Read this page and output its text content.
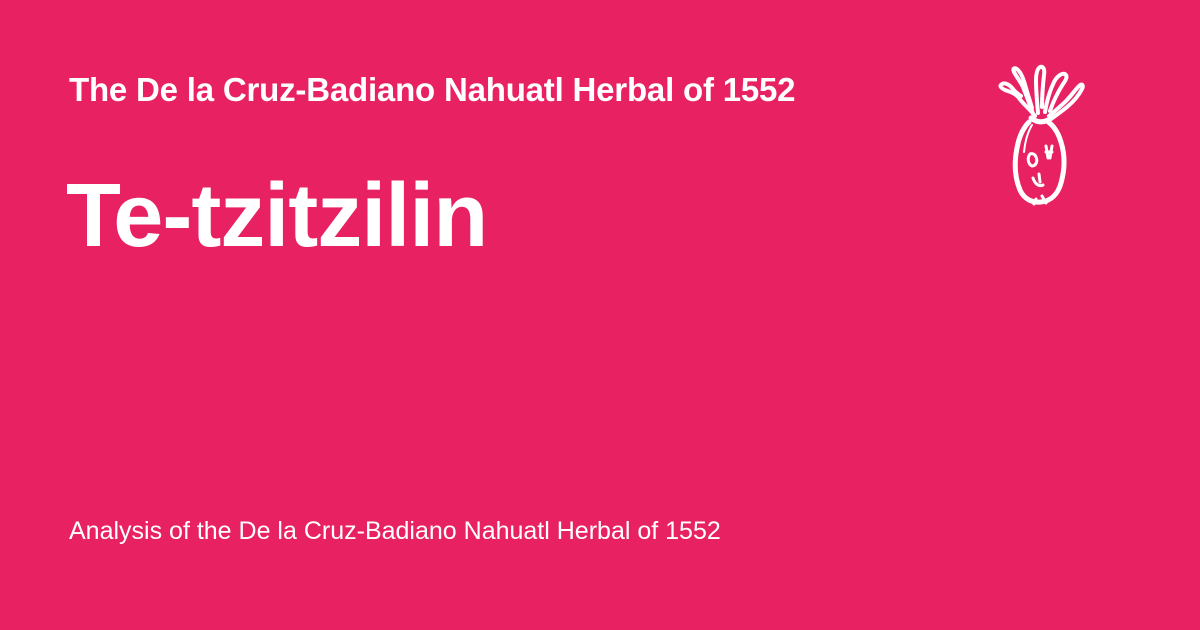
The De la Cruz-Badiano Nahuatl Herbal of 1552
Te-tzitzilin
Analysis of the De la Cruz-Badiano Nahuatl Herbal of 1552
